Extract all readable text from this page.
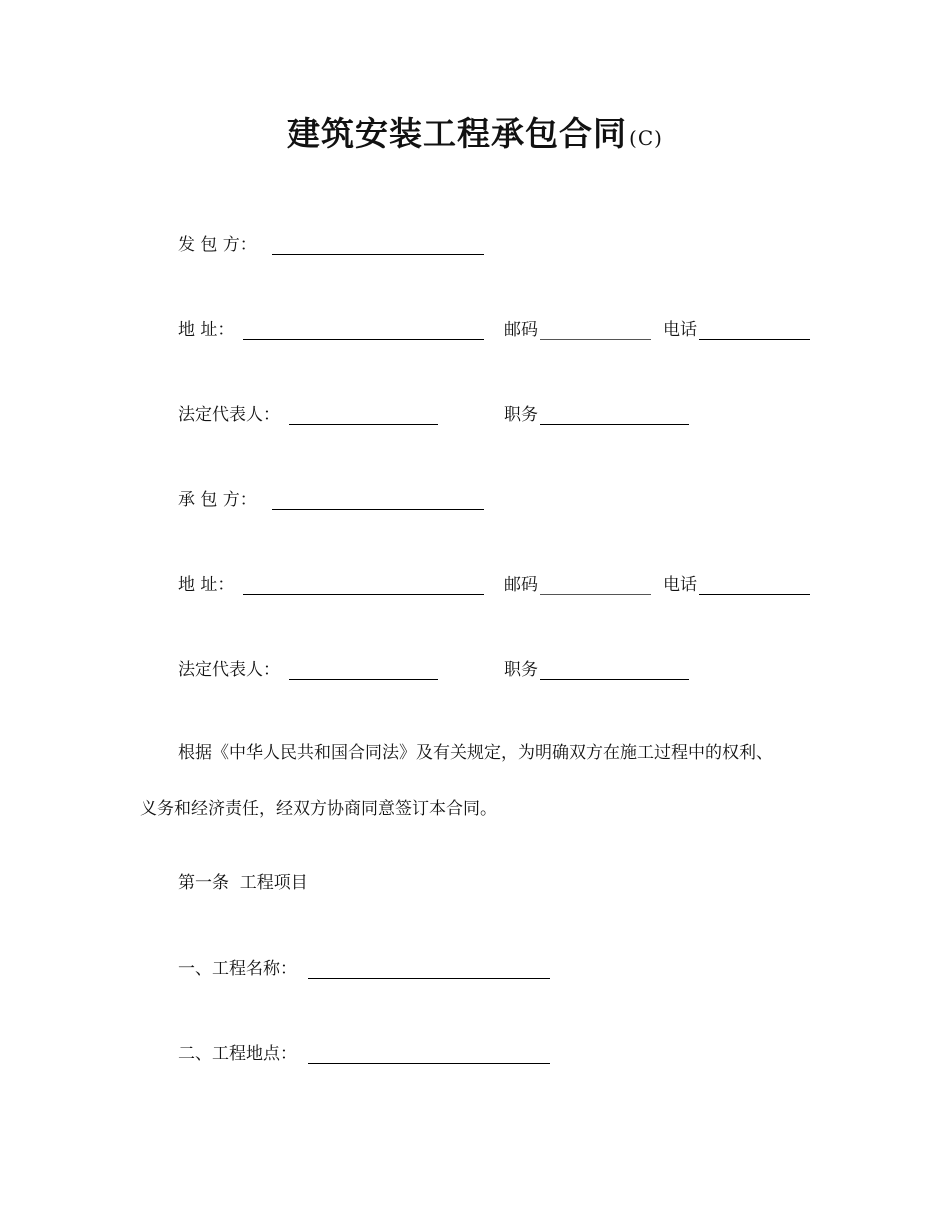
建筑安装工程承包合同 (C)
发 包 方：
地 址：	邮码	电话
法定代表人：	职务
承 包 方：
地 址：	邮码	电话
法定代表人：	职务
根据《中华人民共和国合同法》及有关规定，为明确双方在施工过程中的权利、
义务和经济责任，经双方协商同意签订本合同。
第一条  工程项目
一、工程名称：
二、工程地点：
